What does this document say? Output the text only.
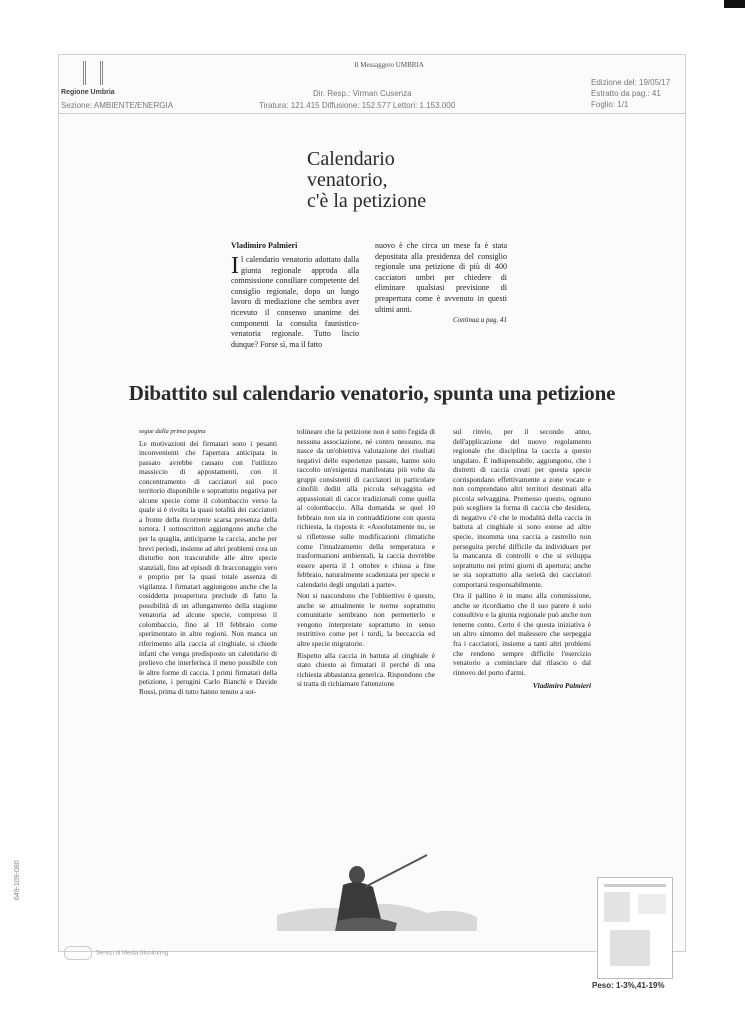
Regione Umbria
Sezione: AMBIENTE/ENERGIA
Il Messaggero UMBRIA
Dir. Resp.: Virman Cusenza
Tiratura: 121.415 Diffusione: 152.577 Lettori: 1.153.000
Edizione del: 19/05/17
Estratto da pag.: 41
Foglio: 1/1
Calendario
venatorio,
c'è la petizione
Vladimiro Palmieri
Il calendario venatorio adottato dalla giunta regionale approda alla commissione consiliare competente del consiglio regionale, dopo un lungo lavoro di mediazione che sembra aver ricevuto il consenso unanime dei componenti la consulta faunistico-venatoria regionale. Tutto liscio dunque? Forse sì, ma il fatto
nuovo è che circa un mese fa è stata depositata alla presidenza del consiglio regionale una petizione di più di 400 cacciatori umbri per chiedere di eliminare qualsiasi previsione di preapertura come è avvenuto in questi ultimi anni.
Continua a pag. 41
Dibattito sul calendario venatorio, spunta una petizione
segue dalla prima pagina
Le motivazioni dei firmatari sono i pesanti inconvenienti che l'apertura anticipata in passato avrebbe causato con l'utilizzo massiccio di appostamenti, con il concentramento di cacciatori sul poco territorio disponibile e soprattutto negativa per alcune specie come il colombaccio verso la quale si è rivolta la quasi totalità dei cacciatori a fronte della ricorrente scarsa presenza della tortora. I sottoscrittori aggiungono anche che per la quaglia, anticiparne la caccia, anche per brevi periodi, insieme ad altri problemi crea un disturbo non trascurabile alle altre specie stanziali, fino ad episodi di bracconaggio vero e proprio per la quasi totale assenza di vigilanza. I firmatari aggiungono anche che la cosiddetta preapertura preclude di fatto la possibilità di un allungamento della stagione venatoria ad alcune specie, compreso il colombaccio, fino al 10 febbraio come sperimentato in altre regioni. Non manca un riferimento alla caccia al cinghiale, si chiede infatti che venga predisposto un calendario di prelievo che interferisca il meno possibile con le altre forme di caccia. I primi firmatari della petizione, i perugini Carlo Bianchi e Davide Rossi, prima di tutto hanno tenuto a sot-
tolineare che la petizione non è sotto l'egida di nessuna associazione, né contro nessuno, ma nasce da un'obiettiva valutazione dei risultati negativi delle esperienze passate, hanno solo raccolto un'esigenza manifestata più volte da gruppi consistenti di cacciatori in particolare cinofili dediti alla piccola selvaggina ed appassionati di cacce tradizionali come quella al colombaccio. Alla domanda se quel 10 febbraio non sia in contraddizione con questa richiesta, la risposta è: «Assolutamente no, se si riflettesse sulle modificazioni climatiche come l'innalzamento della temperatura e trasformazioni ambientali, la caccia dovrebbe essere aperta il 1 ottobre e chiusa a fine febbraio, naturalmente scadenzata per specie e calendario degli ungulati a parte».
Non si nascondono che l'obbiettivo è questo, anche se attualmente le norme soprattutto comunitarie sembrano non permetterlo e vengono interpretate soprattutto in senso restrittivo come per i tordi, la beccaccia ed altre specie migratorie.
Rispetto alla caccia in battuta al cinghiale è stato chiesto ai firmatari il perché di una richiesta abbastanza generica. Rispondono che si tratta di richiamare l'attenzione
sul rinvio, per il secondo anno, dell'applicazione del nuovo regolamento regionale che disciplina la caccia a questo ungulato. È indispensabile, aggiungono, che i distretti di caccia creati per questa specie corrispondano effettivamente a zone vocate e non comprendano altri territori destinati alla piccola selvaggina. Premesso questo, ognuno può scegliere la forma di caccia che desidera, di negativo c'è che le modalità della caccia in battuta al cinghiale si sono estese ad altre specie, insomma una caccia a rastrello non perseguita perché difficile da individuare per la mancanza di controlli e che si sviluppa soprattutto nei primi giorni di apertura; anche se sta soprattutto alla serietà dei cacciatori comportarsi responsabilmente.
Ora il pallino è in mano alla commissione, anche se ricordiamo che il suo parere è solo consultivo e la giunta regionale può anche non tenerne conto. Certo è che questa iniziativa è un altro sintomo del malessere che serpeggia fra i cacciatori, insieme a tanti altri problemi che rendono sempre difficile l'esercizio venatorio a cominciare dal rilascio o dal rinnovo del porto d'armi.
Vladimiro Palmieri
Peso: 1-3%,41-19%
649-109-080
Servizi di Media Monitoring
